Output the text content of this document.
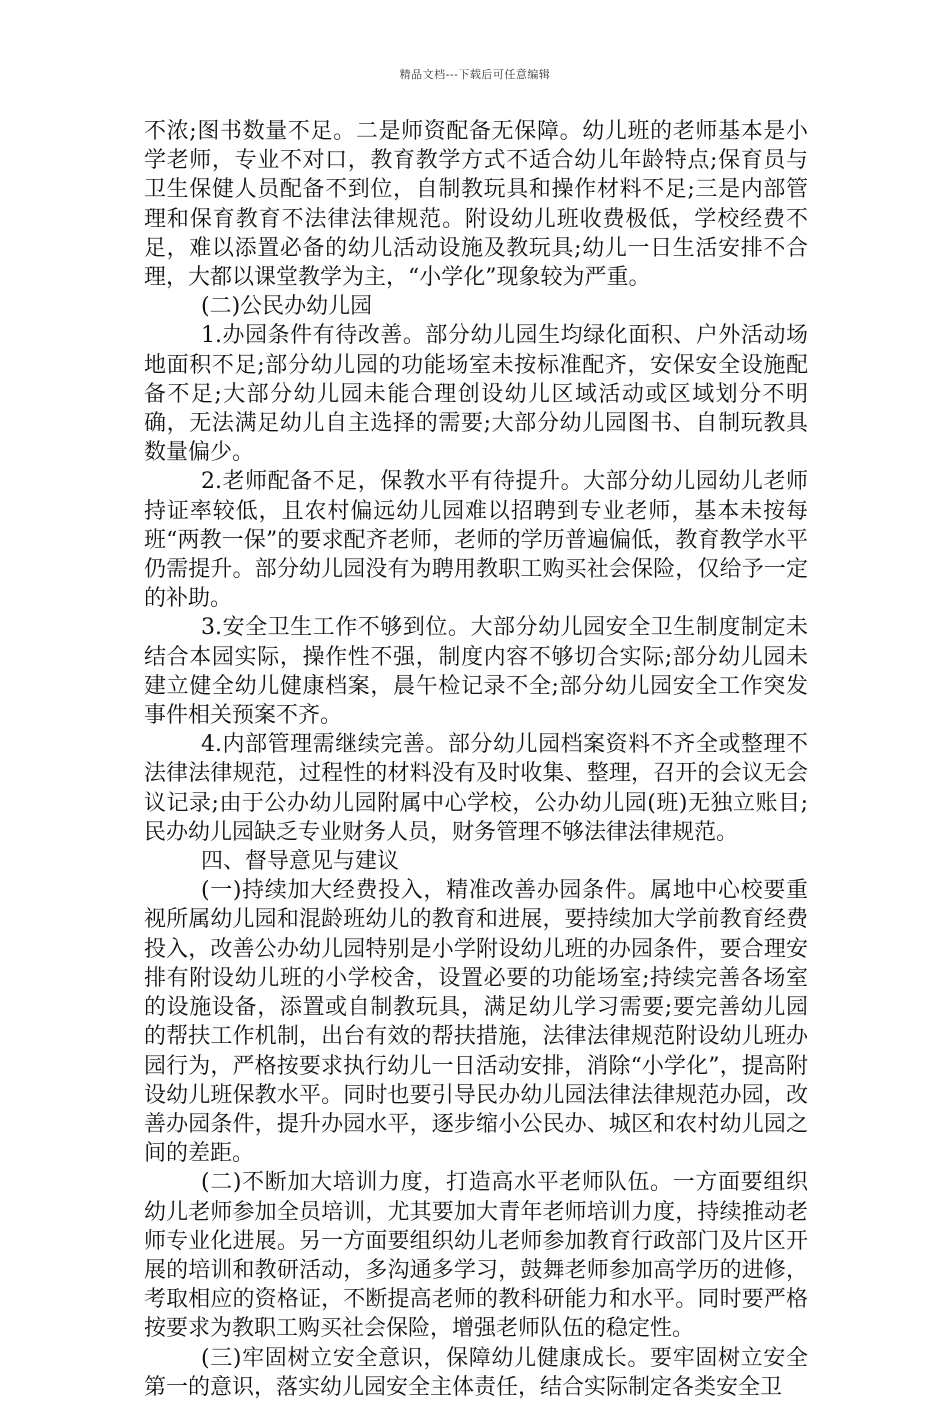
精品文档---下载后可任意编辑

不浓;图书数量不足。二是师资配备无保障。幼儿班的老师基本是小学老师，专业不对口，教育教学方式不适合幼儿年龄特点;保育员与卫生保健人员配备不到位，自制教玩具和操作材料不足;三是内部管理和保育教育不法律法律规范。附设幼儿班收费极低，学校经费不足，难以添置必备的幼儿活动设施及教玩具;幼儿一日生活安排不合理，大都以课堂教学为主，“小学化”现象较为严重。

(二)公民办幼儿园

1.办园条件有待改善。部分幼儿园生均绿化面积、户外活动场地面积不足;部分幼儿园的功能场室未按标准配齐，安保安全设施配备不足;大部分幼儿园未能合理创设幼儿区域活动或区域划分不明确，无法满足幼儿自主选择的需要;大部分幼儿园图书、自制玩教具数量偏少。

2.老师配备不足，保教水平有待提升。大部分幼儿园幼儿老师持证率较低，且农村偏远幼儿园难以招聘到专业老师，基本未按每班“两教一保”的要求配齐老师，老师的学历普遍偏低，教育教学水平仍需提升。部分幼儿园没有为聘用教职工购买社会保险，仅给予一定的补助。

3.安全卫生工作不够到位。大部分幼儿园安全卫生制度制定未结合本园实际，操作性不强，制度内容不够切合实际;部分幼儿园未建立健全幼儿健康档案，晨午检记录不全;部分幼儿园安全工作突发事件相关预案不齐。

4.内部管理需继续完善。部分幼儿园档案资料不齐全或整理不法律法律规范，过程性的材料没有及时收集、整理，召开的会议无会议记录;由于公办幼儿园附属中心学校，公办幼儿园(班)无独立账目;民办幼儿园缺乏专业财务人员，财务管理不够法律法律规范。

四、督导意见与建议

(一)持续加大经费投入，精准改善办园条件。属地中心校要重视所属幼儿园和混龄班幼儿的教育和进展，要持续加大学前教育经费投入，改善公办幼儿园特别是小学附设幼儿班的办园条件，要合理安排有附设幼儿班的小学校舍，设置必要的功能场室;持续完善各场室的设施设备，添置或自制教玩具，满足幼儿学习需要;要完善幼儿园的帮扶工作机制，出台有效的帮扶措施，法律法律规范附设幼儿班办园行为，严格按要求执行幼儿一日活动安排，消除“小学化”，提高附设幼儿班保教水平。同时也要引导民办幼儿园法律法律规范办园，改善办园条件，提升办园水平，逐步缩小公民办、城区和农村幼儿园之间的差距。

(二)不断加大培训力度，打造高水平老师队伍。一方面要组织幼儿老师参加全员培训，尤其要加大青年老师培训力度，持续推动老师专业化进展。另一方面要组织幼儿老师参加教育行政部门及片区开展的培训和教研活动，多沟通多学习，鼓舞老师参加高学历的进修，考取相应的资格证，不断提高老师的教科研能力和水平。同时要严格按要求为教职工购买社会保险，增强老师队伍的稳定性。

(三)牢固树立安全意识，保障幼儿健康成长。要牢固树立安全第一的意识，落实幼儿园安全主体责任，结合实际制定各类安全卫
